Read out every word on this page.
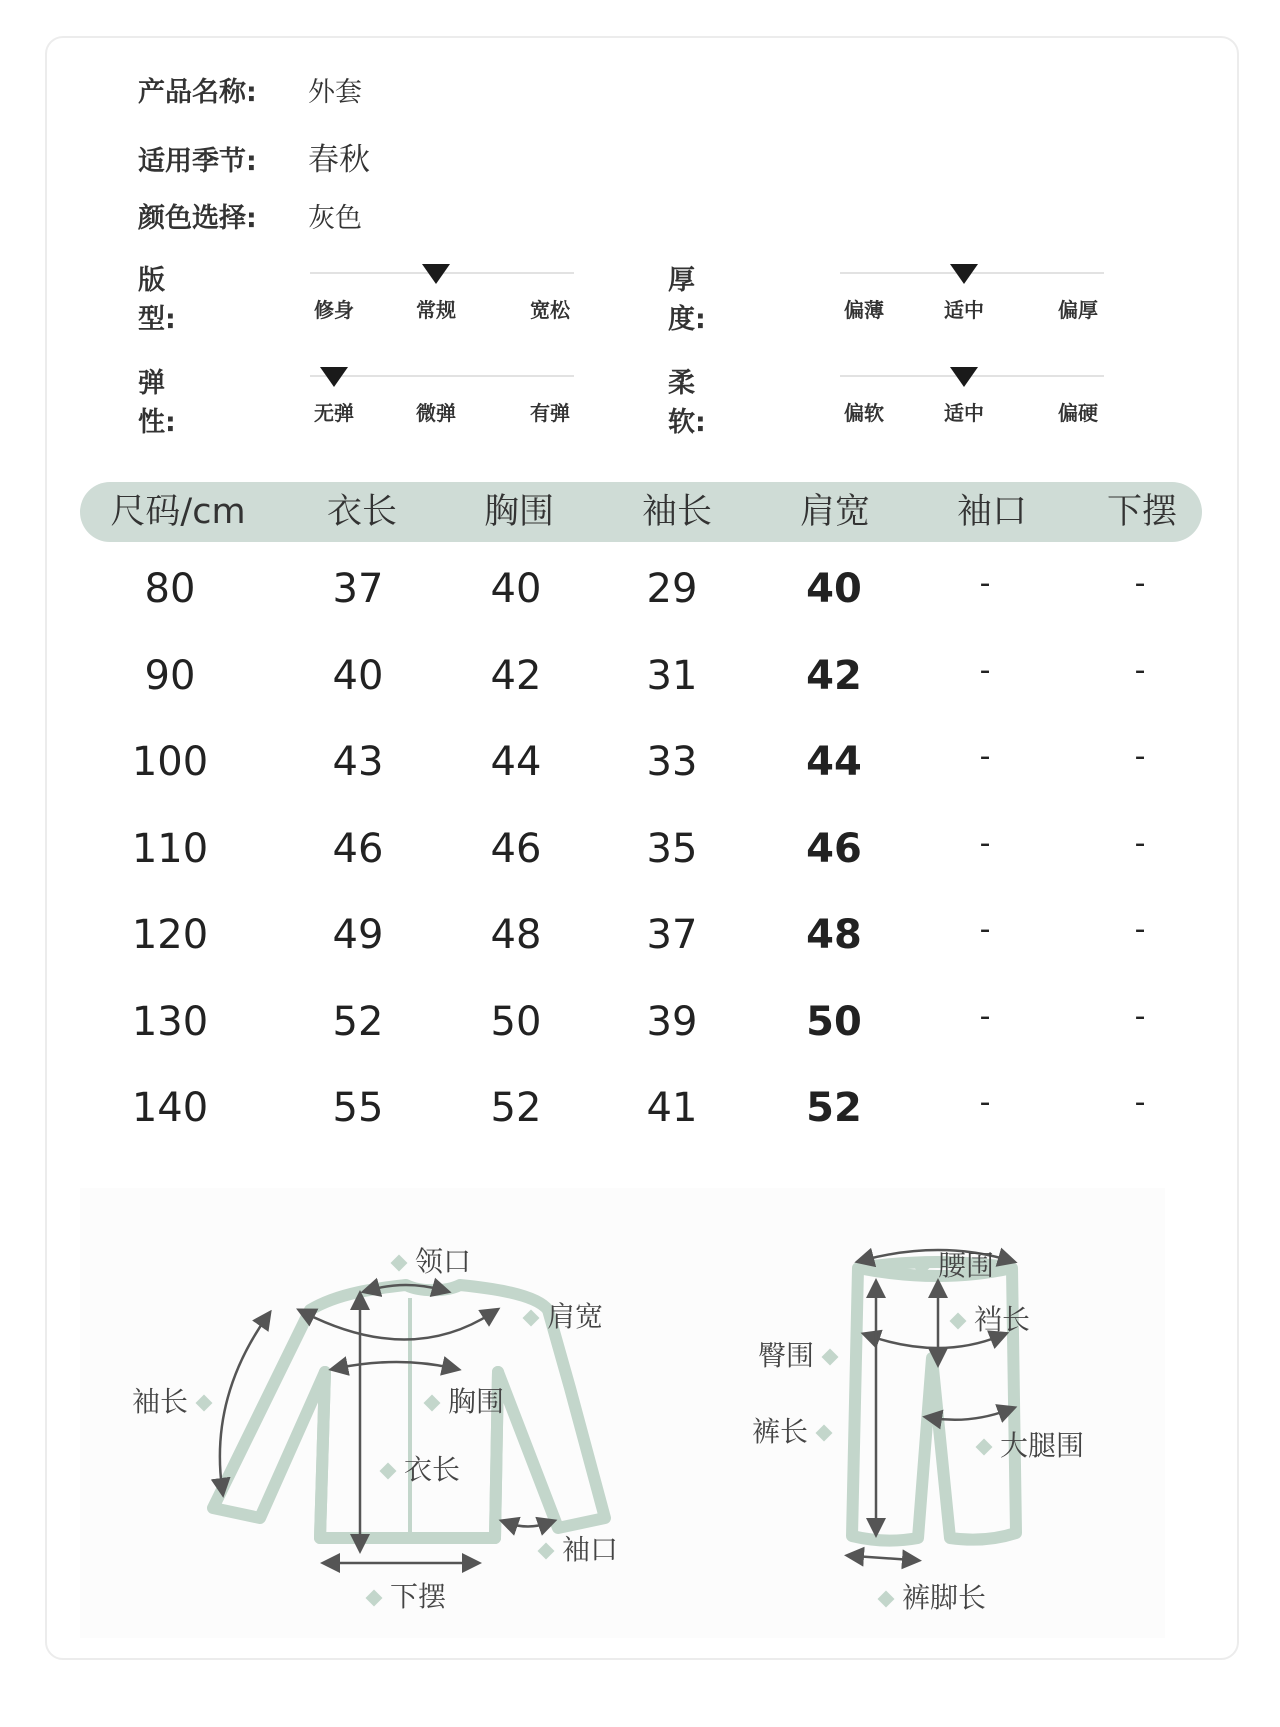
产品名称: 外套
适用季节: 春秋
颜色选择: 灰色
版　　型:	修身	常规	宽松
厚　　度:	偏薄	适中	偏厚
弹　　性:	无弹	微弹	有弹
柔　　软:	偏软	适中	偏硬
尺码/cm 衣长 胸围	袖长	肩宽 袖口 下摆
80	37	40	29	40	-	-
90	40	42	31	42	-	-
100	43	44	33	44	-	-
110	46	46	35	46	-	-
120	49	48	37	48	-	-
130	52	50	39	50	-	-
140	55	52	41	52	-	-
领口
肩宽
袖长	胸围
衣长
袖口
下摆
腰围
裆长
臀围
裤长	大腿围
裤脚长
